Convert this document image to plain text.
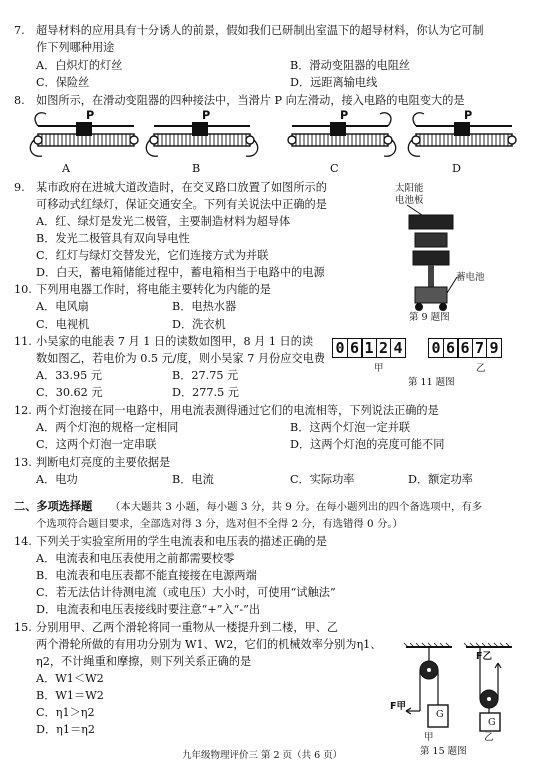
7. 超导材料的应用具有十分诱人的前景，假如我们已研制出室温下的超导材料，你认为它可制
作下列哪种用途
A．白炽灯的灯丝	B．滑动变阻器的电阻丝
C．保险丝	D．远距离输电线
8. 如图所示，在滑动变阻器的四种接法中，当滑片 P 向左滑动，接入电路的电阻变大的是
P	P	P	P
A	B	C	D
9. 某市政府在进城大道改造时，在交叉路口放置了如图所示的
可移动式红绿灯，保证交通安全。下列有关说法中正确的是
A．红、绿灯是发光二极管，主要制造材料为超导体
B．发光二极管具有双向导电性
C．红灯与绿灯交替发光，它们连接方式为并联
D．白天，蓄电箱储能过程中，蓄电箱相当于电路中的电源
太阳能
电池板
蓄电池
第 9 题图
10. 下列用电器工作时，将电能主要转化为内能的是
A．电风扇	B．电热水器
C．电视机	D．洗衣机
11. 小吴家的电能表 7 月 1 日的读数如图甲，8 月 1 日的读
数如图乙，若电价为 0.5 元/度，则小吴家 7 月份应交电费
A．33.95 元	B．27.75 元
C．30.62 元	D．277.5 元
0 6 1 2 4 0 6 6 7 9
甲	乙
第 11 题图
12. 两个灯泡接在同一电路中，用电流表测得通过它们的电流相等，下列说法正确的是
A．两个灯泡的规格一定相同	B．这两个灯泡一定并联
C．这两个灯泡一定串联	D．这两个灯泡的亮度可能不同
13. 判断电灯亮度的主要依据是
A．电功	B．电流	C．实际功率	D．额定功率
二、多项选择题 （本大题共 3 小题，每小题 3 分，共 9 分。在每小题列出的四个备选项中，有多
个选项符合题目要求，全部选对得 3 分，选对但不全得 2 分，有选错得 0 分。）
14. 下列关于实验室所用的学生电流表和电压表的描述正确的是
A．电流表和电压表使用之前都需要校零
B．电流表和电压表都不能直接接在电源两端
C．若无法估计待测电流（或电压）大小时，可使用“试触法”
D．电流表和电压表接线时要注意“+”入“-”出
15. 分别用甲、乙两个滑轮将同一重物从一楼提升到二楼，甲、乙
两个滑轮所做的有用功分别为 W1、W2，它们的机械效率分别为η1、
η2，不计绳重和摩擦，则下列关系正确的是
A．W1＜W2
B．W1＝W2
C．η1＞η2
D．η1＝η2
F甲
F乙
G
G
甲	乙
第 15 题图
九年级物理评价三 第 2 页（共 6 页）
